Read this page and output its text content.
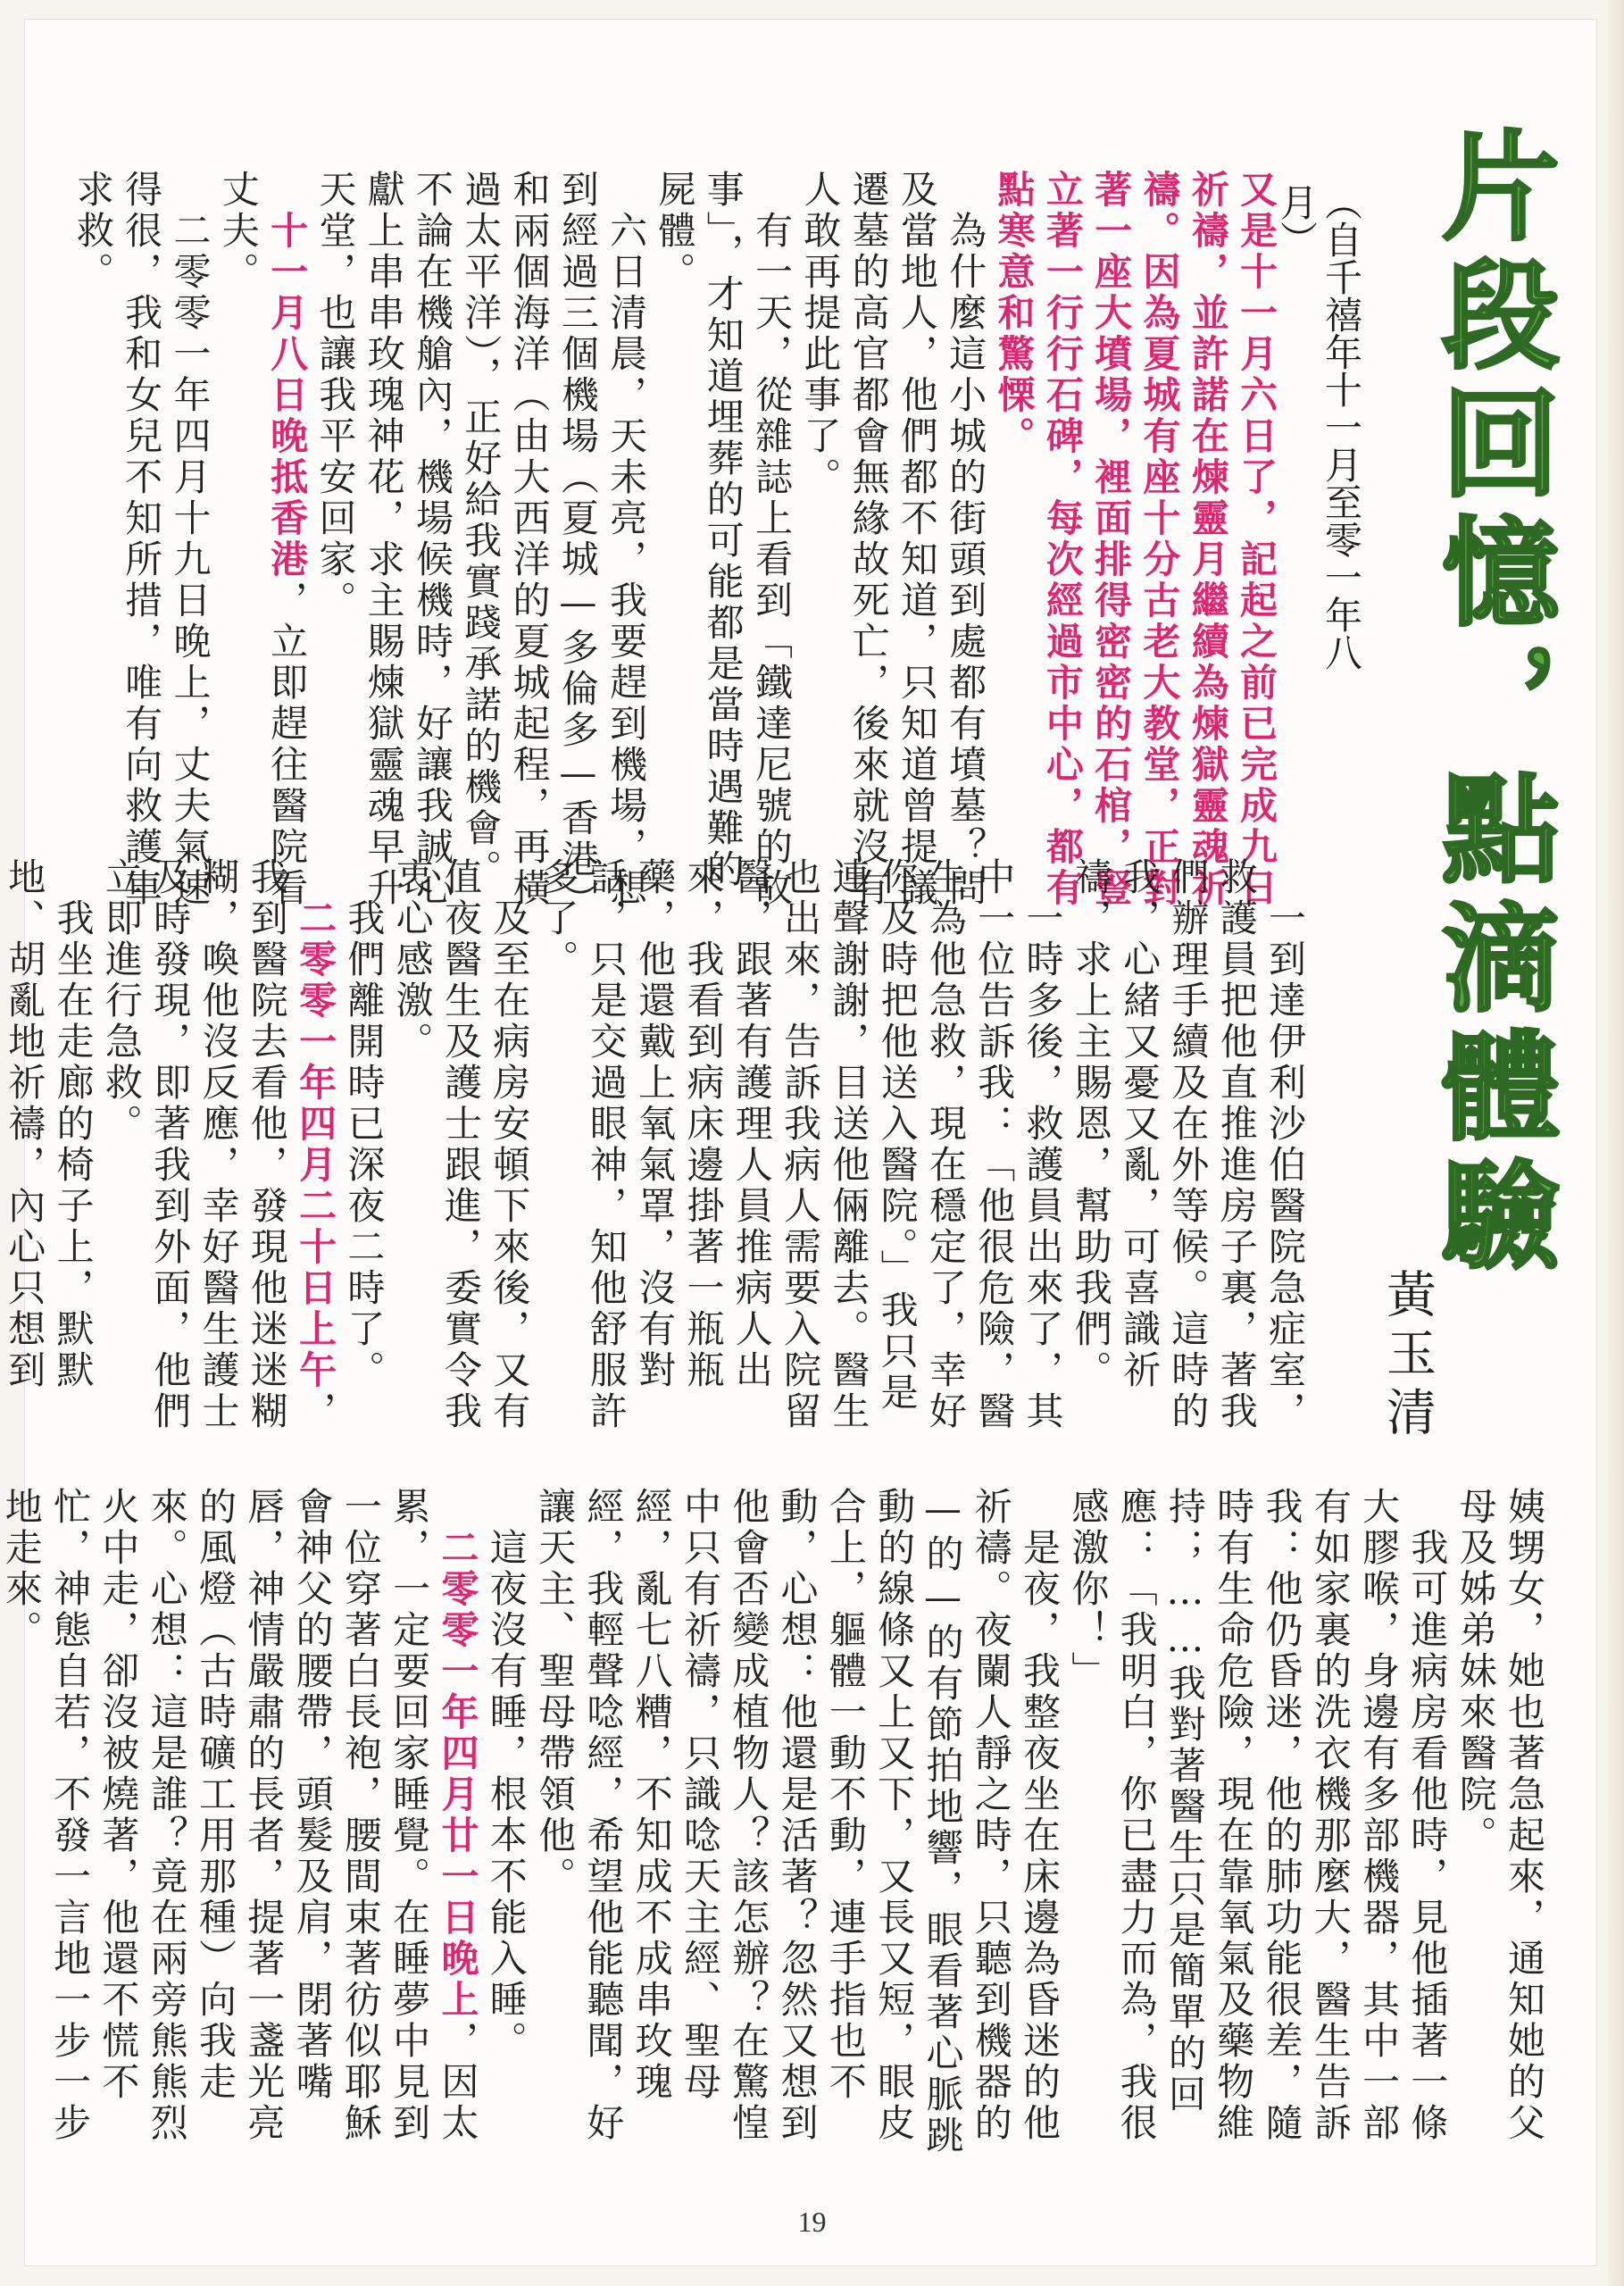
片段回憶，點滴體驗
（自千禧年十一月至零一年八月）
黃玉清
又是十一月六日了，記起之前已完成九日祈禱，並許諾在煉靈月繼續為煉獄靈魂祈禱。因為夏城有座十分古老大教堂，正對著一座大墳場，裡面排得密密的石棺，豎立著一行行石碑，每次經過市中心，都有點寒意和驚慄。
　為什麼這小城的街頭到處都有墳墓？問及當地人，他們都不知道，只知道曾提議遷墓的高官都會無緣故死亡，後來就沒有人敢再提此事了。
　有一天，從雜誌上看到「鐵達尼號的故事」，才知道埋葬的可能都是當時遇難的屍體。
　六日清晨，天未亮，我要趕到機場，想到經過三個機場（夏城—多倫多—香港）和兩個海洋（由大西洋的夏城起程，再橫過太平洋），正好給我實踐承諾的機會。不論在機艙內，機場候機時，好讓我誠心獻上串串玫瑰神花，求主賜煉獄靈魂早升天堂，也讓我平安回家。
　十一月八日晚抵香港，立即趕往醫院看丈夫。
　二零零一年四月十九日晚上，丈夫氣速得很，我和女兒不知所措，唯有向救護車求救。
　一到達伊利沙伯醫院急症室，救護員把他直推進房子裏，著我們辦理手續及在外等候。這時的我，心緒又憂又亂，可喜識祈禱，求上主賜恩，幫助我們。
　一時多後，救護員出來了，其中一位告訴我：「他很危險，醫生為他急救，現在穩定了，幸好你及時把他送入醫院。」我只是連聲謝謝，目送他倆離去。醫生也出來，告訴我病人需要入院留醫，跟著有護理人員推病人出來，我看到病床邊掛著一瓶瓶藥，他還戴上氧氣罩，沒有對話，只是交過眼神，知他舒服許多了。
　及至在病房安頓下來後，又有值夜醫生及護士跟進，委實令我衷心感激。
　我們離開時已深夜二時了。
　二零零一年四月二十日上午，我到醫院去看他，發現他迷迷糊糊，喚他沒反應，幸好醫生護士及時發現，即著我到外面，他們立即進行急救。
　我坐在走廊的椅子上，默默地、胡亂地祈禱，內心只想到

姨甥女，她也著急起來，通知她的父母及姊弟妹來醫院。
　我可進病房看他時，見他插著一條大膠喉，身邊有多部機器，其中一部有如家裏的洗衣機那麼大，醫生告訴我：他仍昏迷，他的肺功能很差，隨時有生命危險，現在靠氧氣及藥物維持；……我對著醫生只是簡單的回應：「我明白，你已盡力而為，我很感激你！」
　是夜，我整夜坐在床邊為昏迷的他祈禱。夜闌人靜之時，只聽到機器的—的—的有節拍地響，眼看著心脈跳動的線條又上又下，又長又短，眼皮合上，軀體一動不動，連手指也不動，心想：他還是活著？忽然又想到他會否變成植物人？該怎辦？在驚惶中只有祈禱，只識唸天主經、聖母經，亂七八糟，不知成不成串玫瑰經，我輕聲唸經，希望他能聽聞，好讓天主、聖母帶領他。
　這夜沒有睡，根本不能入睡。
　二零零一年四月廿一日晚上，因太累，一定要回家睡覺。在睡夢中見到一位穿著白長袍，腰間束著彷似耶穌會神父的腰帶，頭髮及肩，閉著嘴唇，神情嚴肅的長者，提著一盞光亮的風燈（古時礦工用那種）向我走來。心想：這是誰？竟在兩旁熊熊烈火中走，卻沒被燒著，他還不慌不忙，神態自若，不發一言地一步一步地走來。
19
